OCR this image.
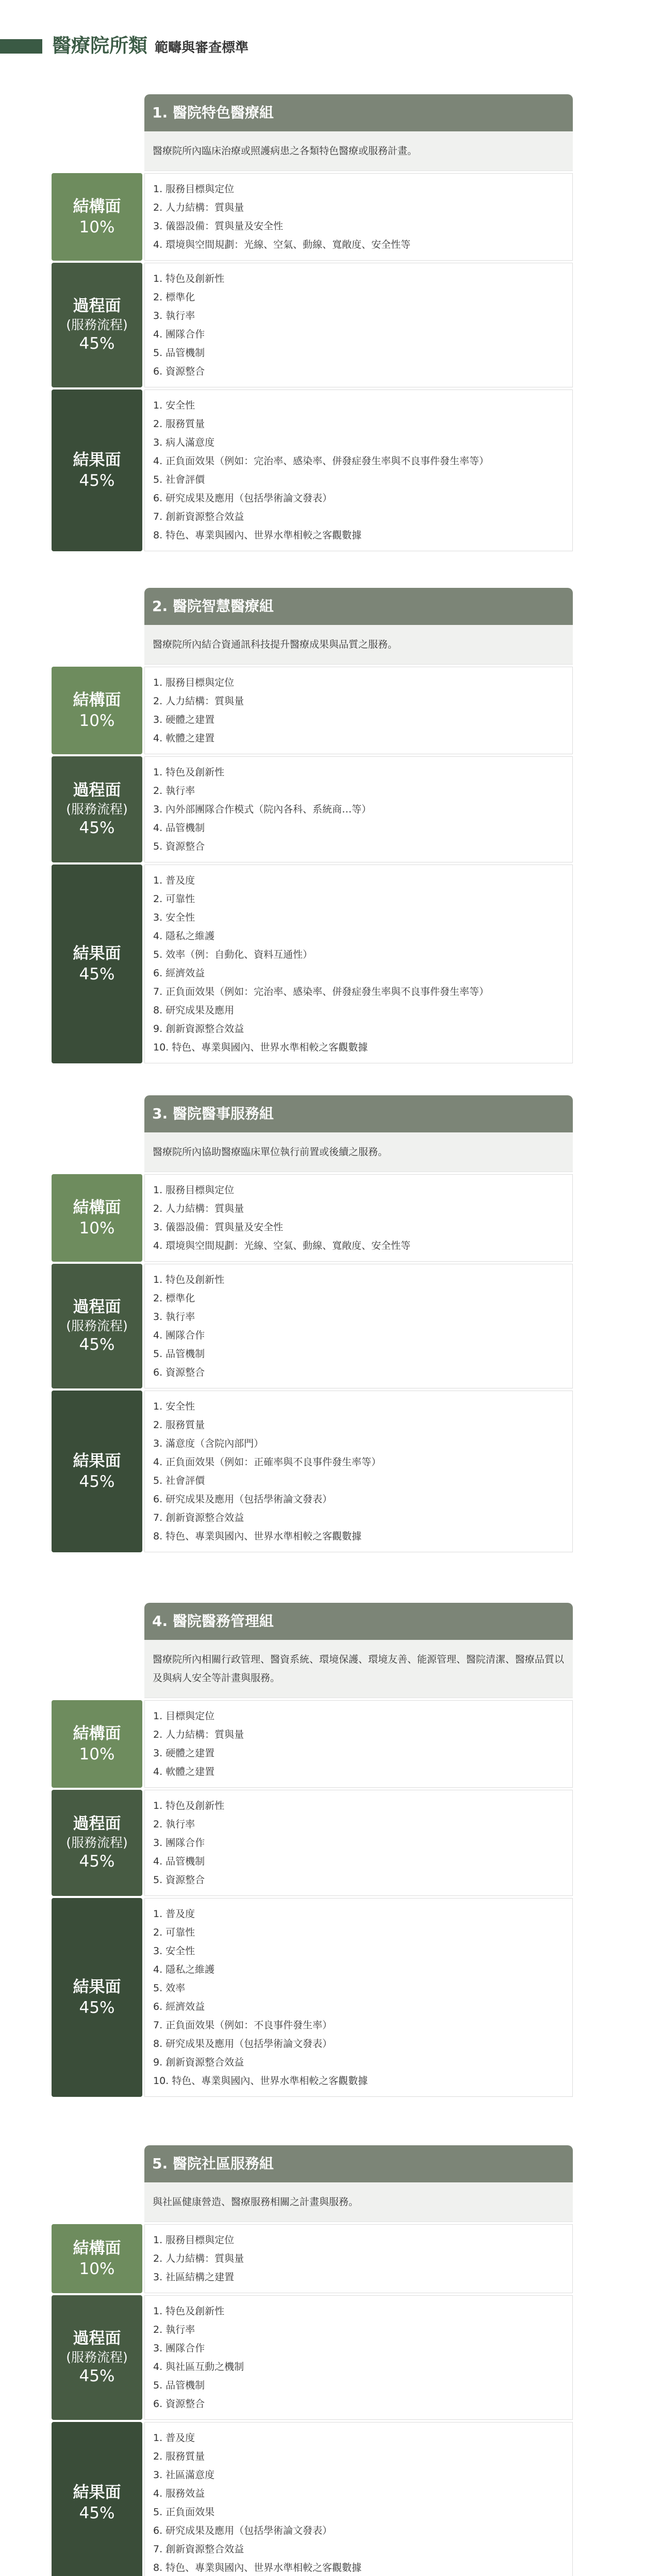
醫療院所類 範疇與審查標準
1. 醫院特色醫療組
醫療院所內臨床治療或照護病患之各類特色醫療或服務計畫。
結構面
10%
1. 服務目標與定位
2. 人力結構：質與量
3. 儀器設備：質與量及安全性
4. 環境與空間規劃：光線、空氣、動線、寬敞度、安全性等
過程面
(服務流程)
45%
1. 特色及創新性
2. 標準化
3. 執行率
4. 團隊合作
5. 品管機制
6. 資源整合
結果面
45%
1. 安全性
2. 服務質量
3. 病人滿意度
4. 正負面效果（例如：完治率、感染率、併發症發生率與不良事件發生率等）
5. 社會評價
6. 研究成果及應用（包括學術論文發表）
7. 創新資源整合效益
8. 特色、專業與國內、世界水準相較之客觀數據
2. 醫院智慧醫療組
醫療院所內結合資通訊科技提升醫療成果與品質之服務。
結構面
10%
1. 服務目標與定位
2. 人力結構：質與量
3. 硬體之建置
4. 軟體之建置
過程面
(服務流程)
45%
1. 特色及創新性
2. 執行率
3. 內外部團隊合作模式（院內各科、系統商…等）
4. 品管機制
5. 資源整合
結果面
45%
1. 普及度
2. 可靠性
3. 安全性
4. 隱私之維護
5. 效率（例：自動化、資料互通性）
6. 經濟效益
7. 正負面效果（例如：完治率、感染率、併發症發生率與不良事件發生率等）
8. 研究成果及應用
9. 創新資源整合效益
10. 特色、專業與國內、世界水準相較之客觀數據
3. 醫院醫事服務組
醫療院所內協助醫療臨床單位執行前置或後續之服務。
結構面
10%
1. 服務目標與定位
2. 人力結構：質與量
3. 儀器設備：質與量及安全性
4. 環境與空間規劃：光線、空氣、動線、寬敞度、安全性等
過程面
(服務流程)
45%
1. 特色及創新性
2. 標準化
3. 執行率
4. 團隊合作
5. 品管機制
6. 資源整合
結果面
45%
1. 安全性
2. 服務質量
3. 滿意度（含院內部門）
4. 正負面效果（例如：正確率與不良事件發生率等）
5. 社會評價
6. 研究成果及應用（包括學術論文發表）
7. 創新資源整合效益
8. 特色、專業與國內、世界水準相較之客觀數據
4. 醫院醫務管理組
醫療院所內相關行政管理、醫資系統、環境保護、環境友善、能源管理、醫院清潔、醫療品質以及與病人安全等計畫與服務。
結構面
10%
1. 目標與定位
2. 人力結構：質與量
3. 硬體之建置
4. 軟體之建置
過程面
(服務流程)
45%
1. 特色及創新性
2. 執行率
3. 團隊合作
4. 品管機制
5. 資源整合
結果面
45%
1. 普及度
2. 可靠性
3. 安全性
4. 隱私之維護
5. 效率
6. 經濟效益
7. 正負面效果（例如：不良事件發生率）
8. 研究成果及應用（包括學術論文發表）
9. 創新資源整合效益
10. 特色、專業與國內、世界水準相較之客觀數據
5. 醫院社區服務組
與社區健康營造、醫療服務相關之計畫與服務。
結構面
10%
1. 服務目標與定位
2. 人力結構：質與量
3. 社區結構之建置
過程面
(服務流程)
45%
1. 特色及創新性
2. 執行率
3. 團隊合作
4. 與社區互動之機制
5. 品管機制
6. 資源整合
結果面
45%
1. 普及度
2. 服務質量
3. 社區滿意度
4. 服務效益
5. 正負面效果
6. 研究成果及應用（包括學術論文發表）
7. 創新資源整合效益
8. 特色、專業與國內、世界水準相較之客觀數據
